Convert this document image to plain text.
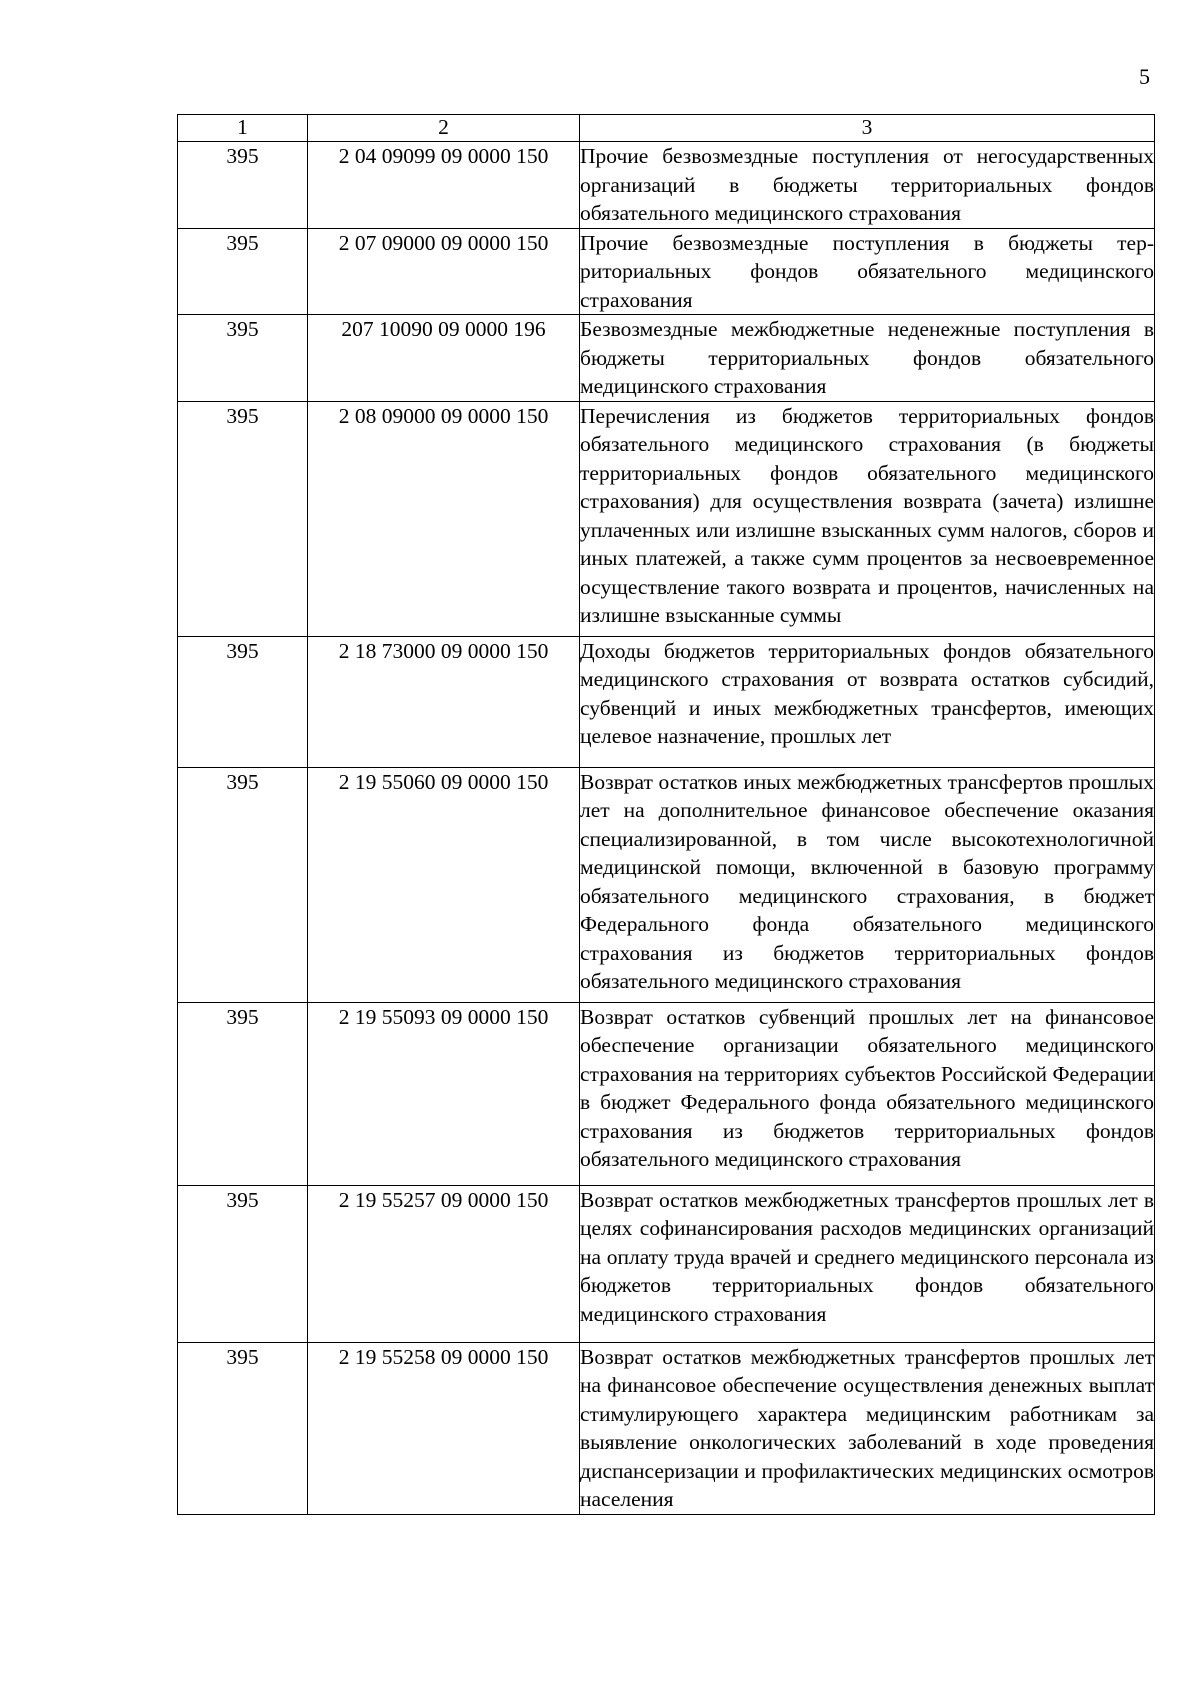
5
1	2	3
395	2 04 09099 09 0000 150	Прочие безвозмездные поступления от негосударственных организаций в бюджеты территориальных фондов обязательного медицинского страхования
395	2 07 09000 09 0000 150	Прочие безвозмездные поступления в бюджеты территориальных фондов обязательного медицинского страхования
395	207 10090 09 0000 196	Безвозмездные межбюджетные неденежные поступления в бюджеты территориальных фондов обязательного медицинского страхования
395	2 08 09000 09 0000 150	Перечисления из бюджетов территориальных фондов обязательного медицинского страхования (в бюджеты территориальных фондов обязательного медицинского страхования) для осуществления возврата (зачета) излишне уплаченных или излишне взысканных сумм налогов, сборов и иных платежей, а также сумм процентов за несвоевременное осуществление такого возврата и процентов, начисленных на излишне взысканные суммы
395	2 18 73000 09 0000 150	Доходы бюджетов территориальных фондов обязательного медицинского страхования от возврата остатков субсидий, субвенций и иных межбюджетных трансфертов, имеющих целевое назначение, прошлых лет
395	2 19 55060 09 0000 150	Возврат остатков иных межбюджетных трансфертов прошлых лет на дополнительное финансовое обеспечение оказания специализированной, в том числе высокотехнологичной медицинской помощи, включенной в базовую программу обязательного медицинского страхования, в бюджет Федерального фонда обязательного медицинского страхования из бюджетов территориальных фондов обязательного медицинского страхования
395	2 19 55093 09 0000 150	Возврат остатков субвенций прошлых лет на финансовое обеспечение организации обязательного медицинского страхования на территориях субъектов Российской Федерации в бюджет Федерального фонда обязательного медицинского страхования из бюджетов территориальных фондов обязательного медицинского страхования
395	2 19 55257 09 0000 150	Возврат остатков межбюджетных трансфертов прошлых лет в целях софинансирования расходов медицинских организаций на оплату труда врачей и среднего медицинского персонала из бюджетов территориальных фондов обязательного медицинского страхования
395	2 19 55258 09 0000 150	Возврат остатков межбюджетных трансфертов прошлых лет на финансовое обеспечение осуществления денежных выплат стимулирующего характера медицинским работникам за выявление онкологических заболеваний в ходе проведения диспансеризации и профилактических медицинских осмотров населения
